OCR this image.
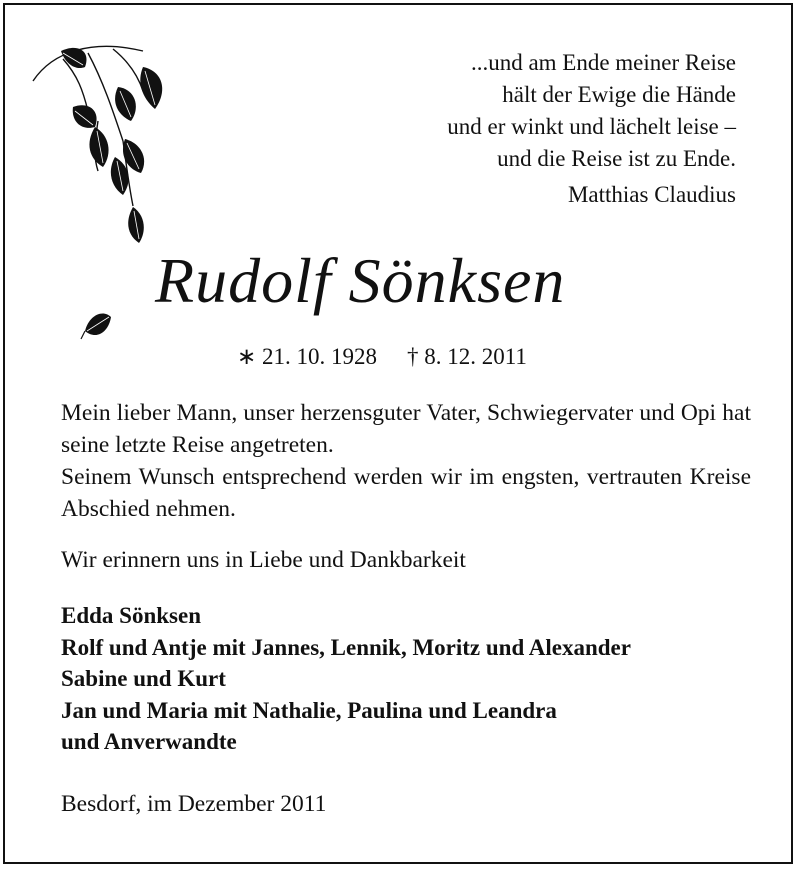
...und am Ende meiner Reise
hält der Ewige die Hände
und er winkt und lächelt leise –
und die Reise ist zu Ende.
Matthias Claudius
Rudolf Sönksen
∗ 21. 10. 1928 † 8. 12. 2011

Mein lieber Mann, unser herzensguter Vater, Schwiegervater und Opi hat seine letzte Reise angetreten.

Seinem Wunsch entsprechend werden wir im engsten, vertrauten Kreise Abschied nehmen.

Wir erinnern uns in Liebe und Dankbarkeit
Edda Sönksen
Rolf und Antje mit Jannes, Lennik, Moritz und Alexander
Sabine und Kurt
Jan und Maria mit Nathalie, Paulina und Leandra
und Anverwandte
Besdorf, im Dezember 2011
